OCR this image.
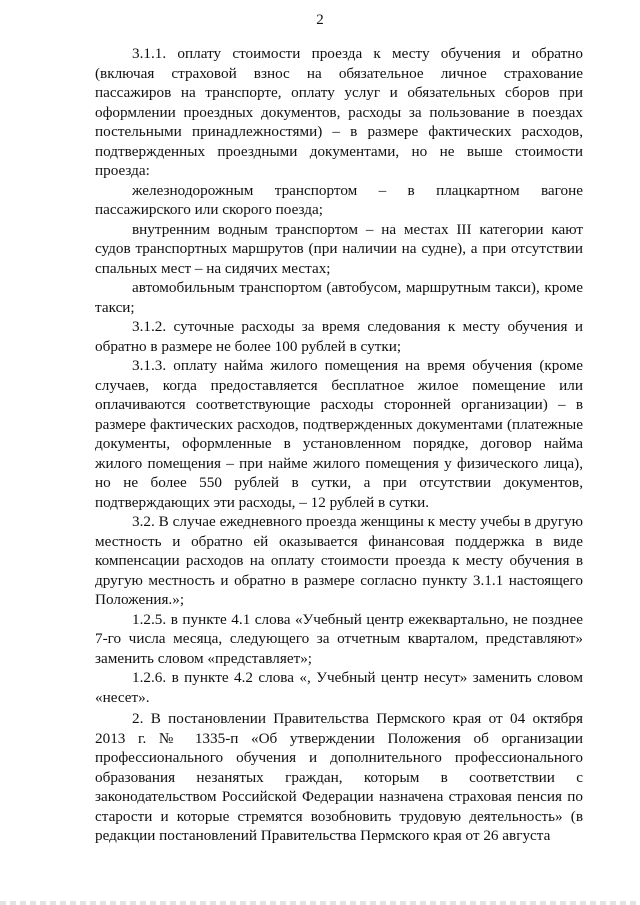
2

3.1.1. оплату стоимости проезда к месту обучения и обратно (включая страховой взнос на обязательное личное страхование пассажиров на транспорте, оплату услуг и обязательных сборов при оформлении проездных документов, расходы за пользование в поездах постельными принадлежностями) – в размере фактических расходов, подтвержденных проездными документами, но не выше стоимости проезда:

железнодорожным транспортом – в плацкартном вагоне пассажирского или скорого поезда;

внутренним водным транспортом – на местах III категории кают судов транспортных маршрутов (при наличии на судне), а при отсутствии спальных мест – на сидячих местах;

автомобильным транспортом (автобусом, маршрутным такси), кроме такси;

3.1.2. суточные расходы за время следования к месту обучения и обратно в размере не более 100 рублей в сутки;

3.1.3. оплату найма жилого помещения на время обучения (кроме случаев, когда предоставляется бесплатное жилое помещение или оплачиваются соответствующие расходы сторонней организации) – в размере фактических расходов, подтвержденных документами (платежные документы, оформленные в установленном порядке, договор найма жилого помещения – при найме жилого помещения у физического лица), но не более 550 рублей в сутки, а при отсутствии документов, подтверждающих эти расходы, – 12 рублей в сутки.

3.2. В случае ежедневного проезда женщины к месту учебы в другую местность и обратно ей оказывается финансовая поддержка в виде компенсации расходов на оплату стоимости проезда к месту обучения в другую местность и обратно в размере согласно пункту 3.1.1 настоящего Положения.»;

1.2.5. в пункте 4.1 слова «Учебный центр ежеквартально, не позднее 7-го числа месяца, следующего за отчетным кварталом, представляют» заменить словом «представляет»;

1.2.6. в пункте 4.2 слова «, Учебный центр несут» заменить словом «несет».

2. В постановлении Правительства Пермского края от 04 октября 2013 г. № 1335-п «Об утверждении Положения об организации профессионального обучения и дополнительного профессионального образования незанятых граждан, которым в соответствии с законодательством Российской Федерации назначена страховая пенсия по старости и которые стремятся возобновить трудовую деятельность» (в редакции постановлений Правительства Пермского края от 26 августа
